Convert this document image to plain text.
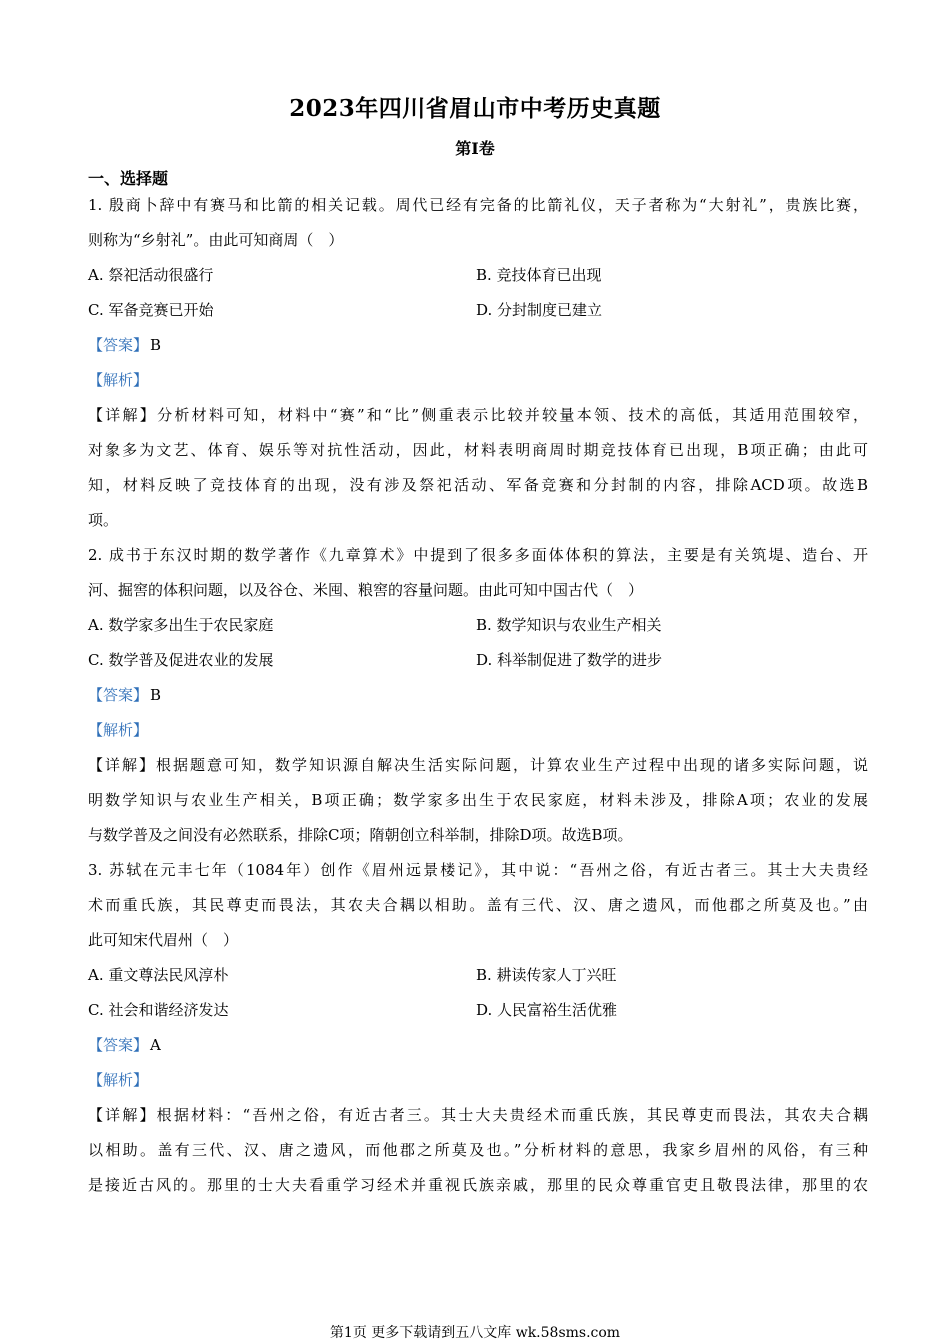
2023年四川省眉山市中考历史真题
第I卷
一、选择题
1. 殷商卜辞中有赛马和比箭的相关记载。周代已经有完备的比箭礼仪，天子者称为“大射礼”，贵族比赛，
则称为“乡射礼”。由此可知商周（　）
A. 祭祀活动很盛行	B. 竞技体育已出现
C. 军备竞赛已开始	D. 分封制度已建立
【答案】 B
【解析】
【详解】分析材料可知，材料中“赛”和“比”侧重表示比较并较量本领、技术的高低，其适用范围较窄，
对象多为文艺、体育、娱乐等对抗性活动，因此，材料表明商周时期竞技体育已出现，B项正确；由此可
知，材料反映了竞技体育的出现，没有涉及祭祀活动、军备竞赛和分封制的内容，排除ACD项。故选B
项。
2. 成书于东汉时期的数学著作《九章算术》中提到了很多多面体体积的算法，主要是有关筑堤、造台、开
河、掘窖的体积问题，以及谷仓、米囤、粮窖的容量问题。由此可知中国古代（　）
A. 数学家多出生于农民家庭	B. 数学知识与农业生产相关
C. 数学普及促进农业的发展	D. 科举制促进了数学的进步
【答案】 B
【解析】
【详解】根据题意可知，数学知识源自解决生活实际问题，计算农业生产过程中出现的诸多实际问题，说
明数学知识与农业生产相关，B项正确；数学家多出生于农民家庭，材料未涉及，排除A项；农业的发展
与数学普及之间没有必然联系，排除C项；隋朝创立科举制，排除D项。故选B项。
3. 苏轼在元丰七年（1084年）创作《眉州远景楼记》，其中说：“吾州之俗，有近古者三。其士大夫贵经
术而重氏族，其民尊吏而畏法，其农夫合耦以相助。盖有三代、汉、唐之遗风，而他郡之所莫及也。”由
此可知宋代眉州（　）
A. 重文尊法民风淳朴	B. 耕读传家人丁兴旺
C. 社会和谐经济发达	D. 人民富裕生活优雅
【答案】 A
【解析】
【详解】根据材料：“吾州之俗，有近古者三。其士大夫贵经术而重氏族，其民尊吏而畏法，其农夫合耦
以相助。盖有三代、汉、唐之遗风，而他郡之所莫及也。”分析材料的意思，我家乡眉州的风俗，有三种
是接近古风的。那里的士大夫看重学习经术并重视氏族亲戚，那里的民众尊重官吏且敬畏法律，那里的农
第1页 更多下载请到五八文库 wk.58sms.com
